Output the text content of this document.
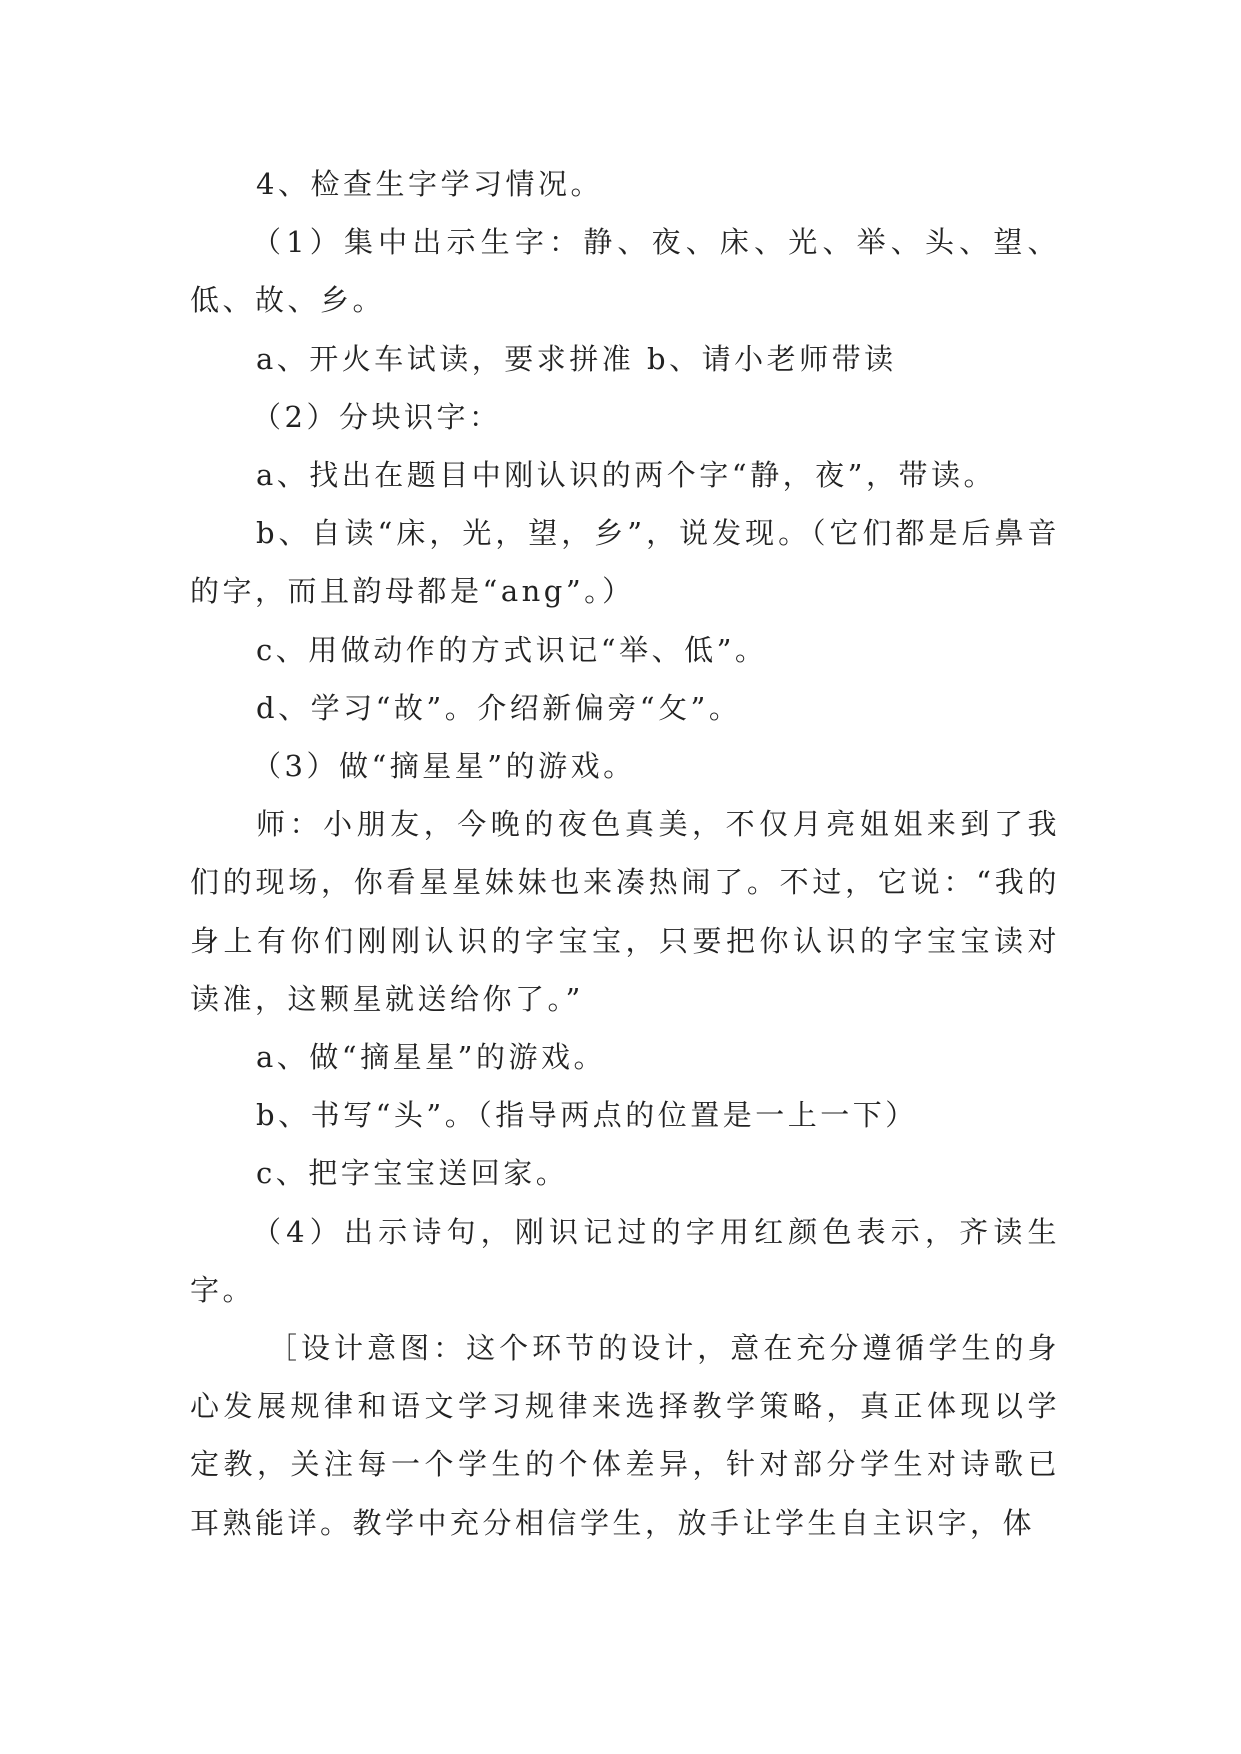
4、检查生字学习情况。

（1）集中出示生字：静、夜、床、光、举、头、望、低、故、乡。

a、开火车试读，要求拼准 b、请小老师带读

（2）分块识字：

a、找出在题目中刚认识的两个字“静，夜”，带读。

b、自读“床，光，望，乡”，说发现。（它们都是后鼻音的字，而且韵母都是“ang”。）

c、用做动作的方式识记“举、低”。

d、学习“故”。介绍新偏旁“攵”。

（3）做“摘星星”的游戏。

师：小朋友，今晚的夜色真美，不仅月亮姐姐来到了我们的现场，你看星星妹妹也来凑热闹了。不过，它说：“我的身上有你们刚刚认识的字宝宝，只要把你认识的字宝宝读对读准，这颗星就送给你了。”

a、做“摘星星”的游戏。

b、书写“头”。（指导两点的位置是一上一下）

c、把字宝宝送回家。

（4）出示诗句，刚识记过的字用红颜色表示，齐读生字。

［设计意图：这个环节的设计，意在充分遵循学生的身心发展规律和语文学习规律来选择教学策略，真正体现以学定教，关注每一个学生的个体差异，针对部分学生对诗歌已耳熟能详。教学中充分相信学生，放手让学生自主识字，体
